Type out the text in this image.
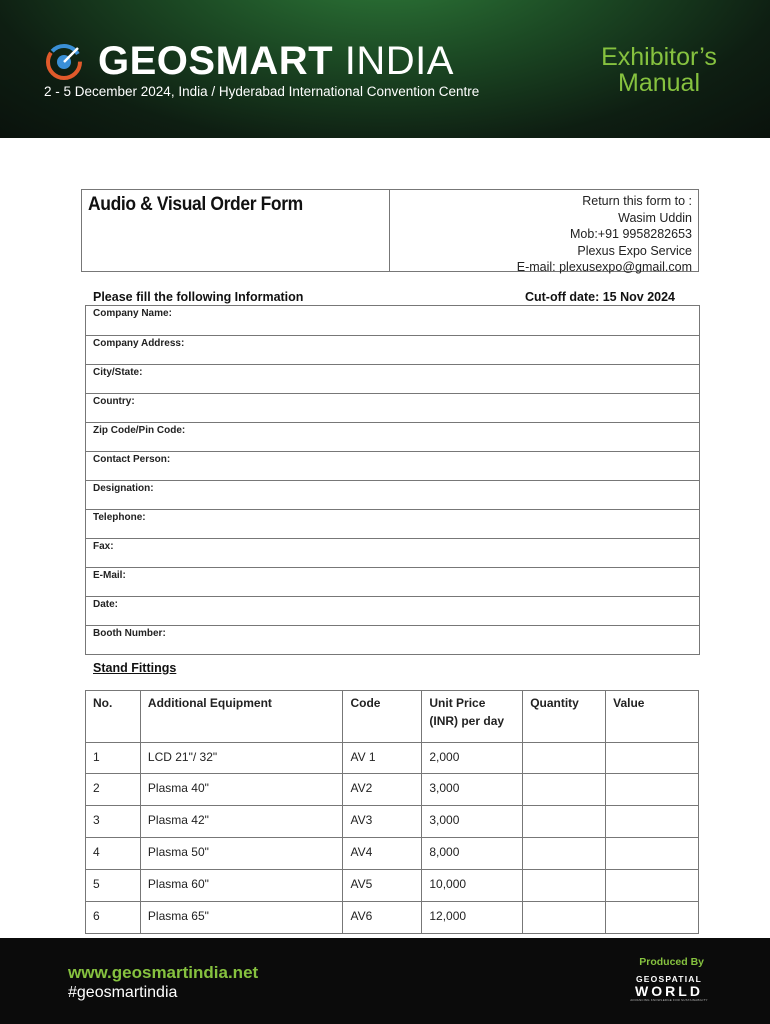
GEOSMART INDIA
2 - 5 December 2024, India / Hyderabad International Convention Centre
Exhibitor’s
Manual
Audio & Visual Order Form	Return this form to :
Wasim Uddin
Mob:+91 9958282653
Plexus Expo Service
E-mail: plexusexpo@gmail.com
Please fill the following Information	Cut-off date: 15 Nov 2024
Company Name:
Company Address:
City/State:
Country:
Zip Code/Pin Code:
Contact Person:
Designation:
Telephone:
Fax:
E-Mail:
Date:
Booth Number:
Stand Fittings
No.	Additional Equipment	Code	Unit Price (INR) per day	Quantity	Value
1	LCD 21"/ 32"	AV 1	2,000		
2	Plasma 40"	AV2	3,000		
3	Plasma 42"	AV3	3,000		
4	Plasma 50"	AV4	8,000		
5	Plasma 60"	AV5	10,000		
6	Plasma 65"	AV6	12,000		
www.geosmartindia.net
#geosmartindia
Produced By
GEOSPATIAL
WORLD
ADVANCING KNOWLEDGE FOR SUSTAINABILITY
